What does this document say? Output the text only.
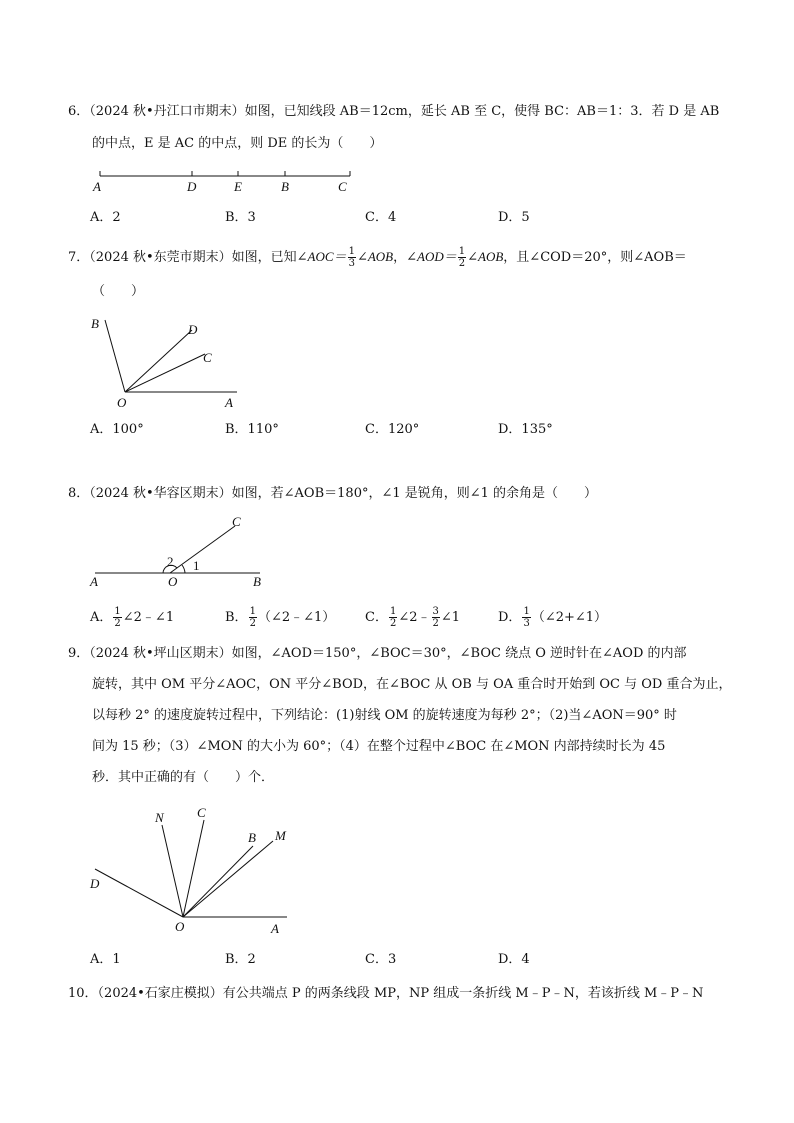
6．（2024 秋•丹江口市期末）如图，已知线段 AB＝12cm，延长 AB 至 C，使得 BC：AB＝1：3．若 D 是 AB
的中点，E 是 AC 的中点，则 DE 的长为（　　）
A	D	E	B	C
A．2	B．3	C．4	D．5
7．（2024 秋•东莞市期末）如图，已知∠AOC＝ $\frac{1}{3}$ ∠AOB，∠AOD＝ $\frac{1}{2}$ ∠AOB，且∠COD＝20°，则∠AOB＝
（　　）
B	D
C
O	A
A．100°	B．110°	C．120°	D．135°
8．（2024 秋•华容区期末）如图，若∠AOB＝180°，∠1 是锐角，则∠1 的余角是（　　）
C
A	O	B
2 1
A． $\frac{1}{2}$ ∠2﹣∠1	B． $\frac{1}{2}$ （∠2﹣∠1） C． $\frac{1}{2}$ ∠2﹣ $\frac{3}{2}$ ∠1	D． $\frac{1}{3}$ （∠2+∠1）
9．（2024 秋•坪山区期末）如图，∠AOD＝150°，∠BOC＝30°，∠BOC 绕点 O 逆时针在∠AOD 的内部
旋转，其中 OM 平分∠AOC，ON 平分∠BOD，在∠BOC 从 OB 与 OA 重合时开始到 OC 与 OD 重合为止，
以每秒 2° 的速度旋转过程中，下列结论：(1)射线 OM 的旋转速度为每秒 2°；（2)当∠AON＝90° 时
间为 15 秒；（3）∠MON 的大小为 60°；（4）在整个过程中∠BOC 在∠MON 内部持续时长为 45
秒．其中正确的有（　　）个．
N	C
B M
D
O	A
A．1	B．2	C．3	D．4
10．（2024•石家庄模拟）有公共端点 P 的两条线段 MP，NP 组成一条折线 M﹣P﹣N，若该折线 M﹣P﹣N
